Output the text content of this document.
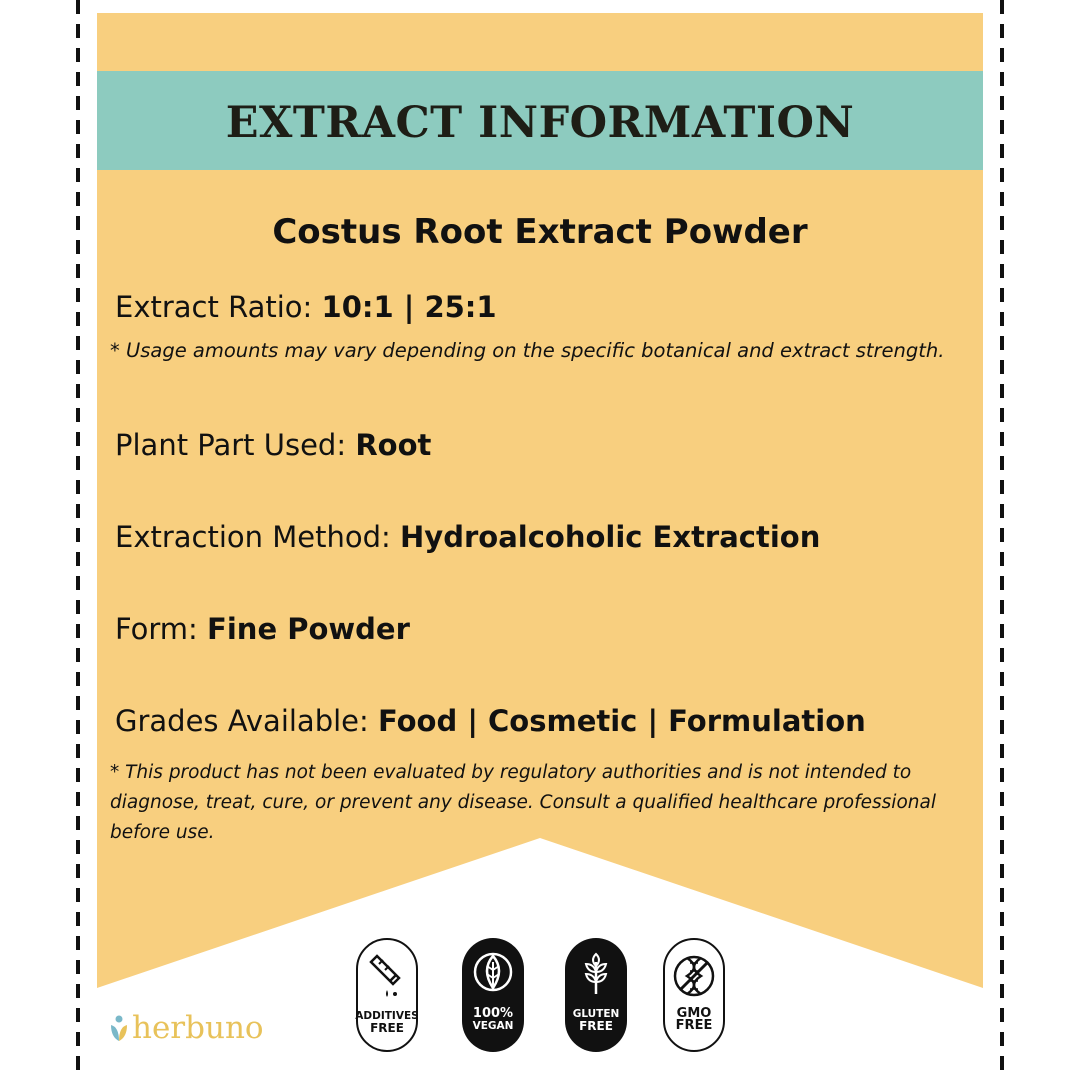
EXTRACT INFORMATION
Costus Root Extract Powder
Extract Ratio: 10:1 | 25:1
* Usage amounts may vary depending on the specific botanical and extract strength.
Plant Part Used: Root
Extraction Method: Hydroalcoholic Extraction
Form: Fine Powder
Grades Available: Food | Cosmetic | Formulation
* This product has not been evaluated by regulatory authorities and is not intended to diagnose, treat, cure, or prevent any disease. Consult a qualified healthcare professional before use.
herbuno	ADDITIVES
FREE
100%
VEGAN
GLUTEN
FREE
GMO
FREE
